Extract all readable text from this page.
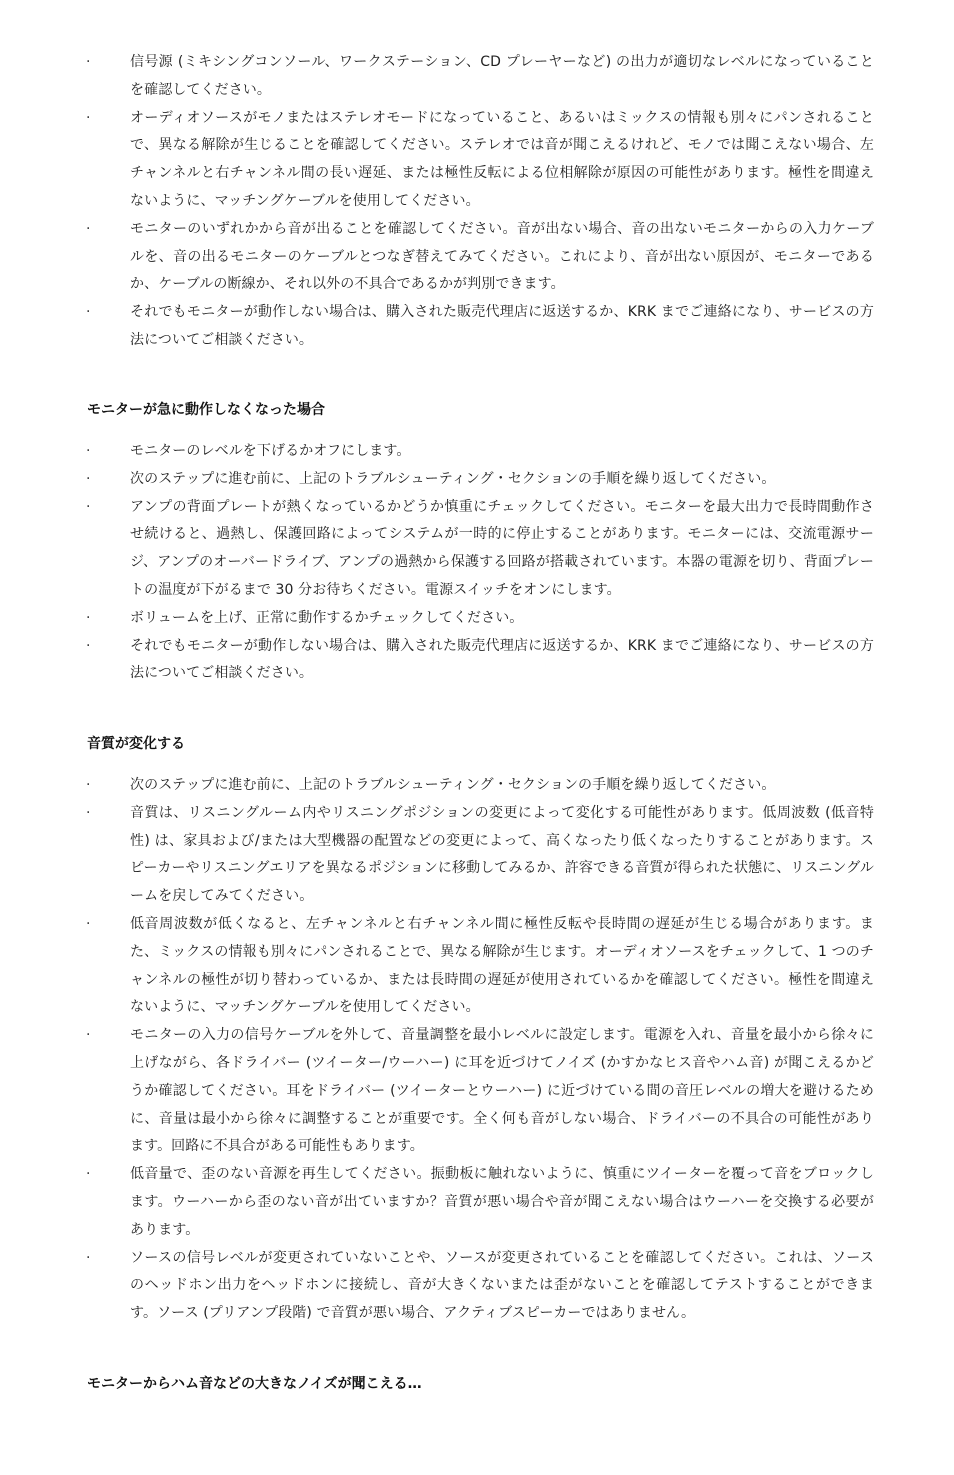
·	信号源 (ミキシングコンソール、ワークステーション、CD プレーヤーなど) の出力が適切なレベルになっていることを確認してください。
·	オーディオソースがモノまたはステレオモードになっていること、あるいはミックスの情報も別々にパンされることで、異なる解除が生じることを確認してください。ステレオでは音が聞こえるけれど、モノでは聞こえない場合、左チャンネルと右チャンネル間の長い遅延、または極性反転による位相解除が原因の可能性があります。極性を間違えないように、マッチングケーブルを使用してください。
·	モニターのいずれかから音が出ることを確認してください。音が出ない場合、音の出ないモニターからの入力ケーブルを、音の出るモニターのケーブルとつなぎ替えてみてください。これにより、音が出ない原因が、モニターであるか、ケーブルの断線か、それ以外の不具合であるかが判別できます。
·	それでもモニターが動作しない場合は、購入された販売代理店に返送するか、KRK までご連絡になり、サービスの方法についてご相談ください。
モニターが急に動作しなくなった場合
·	モニターのレベルを下げるかオフにします。
·	次のステップに進む前に、上記のトラブルシューティング・セクションの手順を繰り返してください。
·	アンプの背面プレートが熱くなっているかどうか慎重にチェックしてください。モニターを最大出力で長時間動作させ続けると、過熱し、保護回路によってシステムが一時的に停止することがあります。モニターには、交流電源サージ、アンプのオーバードライブ、アンプの過熱から保護する回路が搭載されています。本器の電源を切り、背面プレートの温度が下がるまで 30 分お待ちください。電源スイッチをオンにします。
·	ボリュームを上げ、正常に動作するかチェックしてください。
·	それでもモニターが動作しない場合は、購入された販売代理店に返送するか、KRK までご連絡になり、サービスの方法についてご相談ください。
音質が変化する
·	次のステップに進む前に、上記のトラブルシューティング・セクションの手順を繰り返してください。
·	音質は、リスニングルーム内やリスニングポジションの変更によって変化する可能性があります。低周波数 (低音特性) は、家具および/または大型機器の配置などの変更によって、高くなったり低くなったりすることがあります。スピーカーやリスニングエリアを異なるポジションに移動してみるか、許容できる音質が得られた状態に、リスニングルームを戻してみてください。
·	低音周波数が低くなると、左チャンネルと右チャンネル間に極性反転や長時間の遅延が生じる場合があります。また、ミックスの情報も別々にパンされることで、異なる解除が生じます。オーディオソースをチェックして、1 つのチャンネルの極性が切り替わっているか、または長時間の遅延が使用されているかを確認してください。極性を間違えないように、マッチングケーブルを使用してください。
·	モニターの入力の信号ケーブルを外して、音量調整を最小レベルに設定します。電源を入れ、音量を最小から徐々に上げながら、各ドライバー (ツイーター/ウーハー) に耳を近づけてノイズ (かすかなヒス音やハム音) が聞こえるかどうか確認してください。耳をドライバー (ツイーターとウーハー) に近づけている間の音圧レベルの増大を避けるために、音量は最小から徐々に調整することが重要です。全く何も音がしない場合、ドライバーの不具合の可能性があります。回路に不具合がある可能性もあります。
·	低音量で、歪のない音源を再生してください。振動板に触れないように、慎重にツイーターを覆って音をブロックします。ウーハーから歪のない音が出ていますか？音質が悪い場合や音が聞こえない場合はウーハーを交換する必要があります。
·	ソースの信号レベルが変更されていないことや、ソースが変更されていることを確認してください。これは、ソースのヘッドホン出力をヘッドホンに接続し、音が大きくないまたは歪がないことを確認してテストすることができます。ソース (プリアンプ段階) で音質が悪い場合、アクティブスピーカーではありません。
モニターからハム音などの大きなノイズが聞こえる…
